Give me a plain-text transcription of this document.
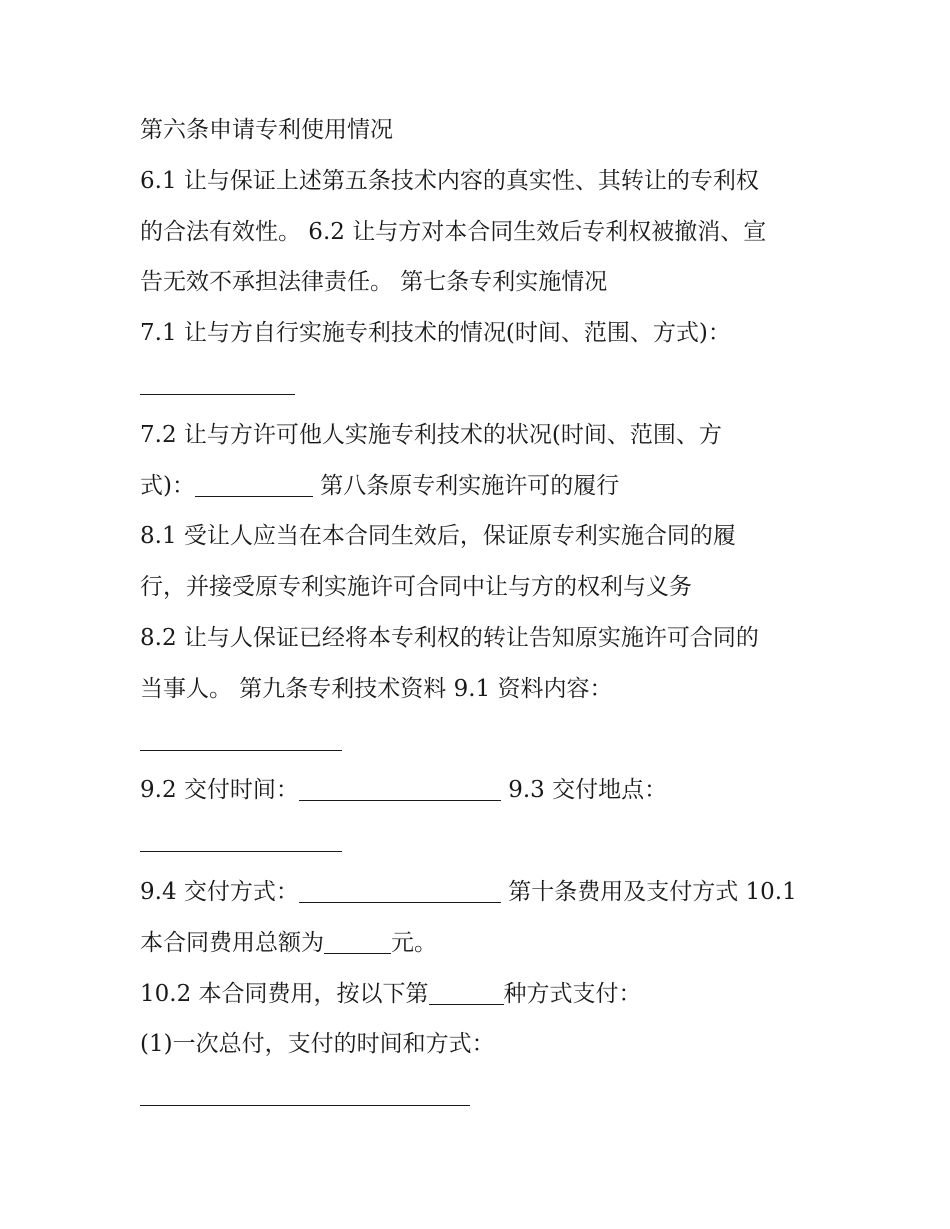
第六条申请专利使用情况
6.1 让与保证上述第五条技术内容的真实性、其转让的专利权
的合法有效性。 6.2 让与方对本合同生效后专利权被撤消、宣
告无效不承担法律责任。 第七条专利实施情况
7.1 让与方自行实施专利技术的情况(时间、范围、方式)：
7.2 让与方许可他人实施专利技术的状况(时间、范围、方
式)：	第八条原专利实施许可的履行
8.1 受让人应当在本合同生效后，保证原专利实施合同的履
行，并接受原专利实施许可合同中让与方的权利与义务
8.2 让与人保证已经将本专利权的转让告知原实施许可合同的
当事人。 第九条专利技术资料 9.1 资料内容：
9.2 交付时间：	9.3 交付地点：
9.4 交付方式：	第十条费用及支付方式 10.1
本合同费用总额为	元。
10.2 本合同费用，按以下第	种方式支付：
(1)一次总付，支付的时间和方式：
